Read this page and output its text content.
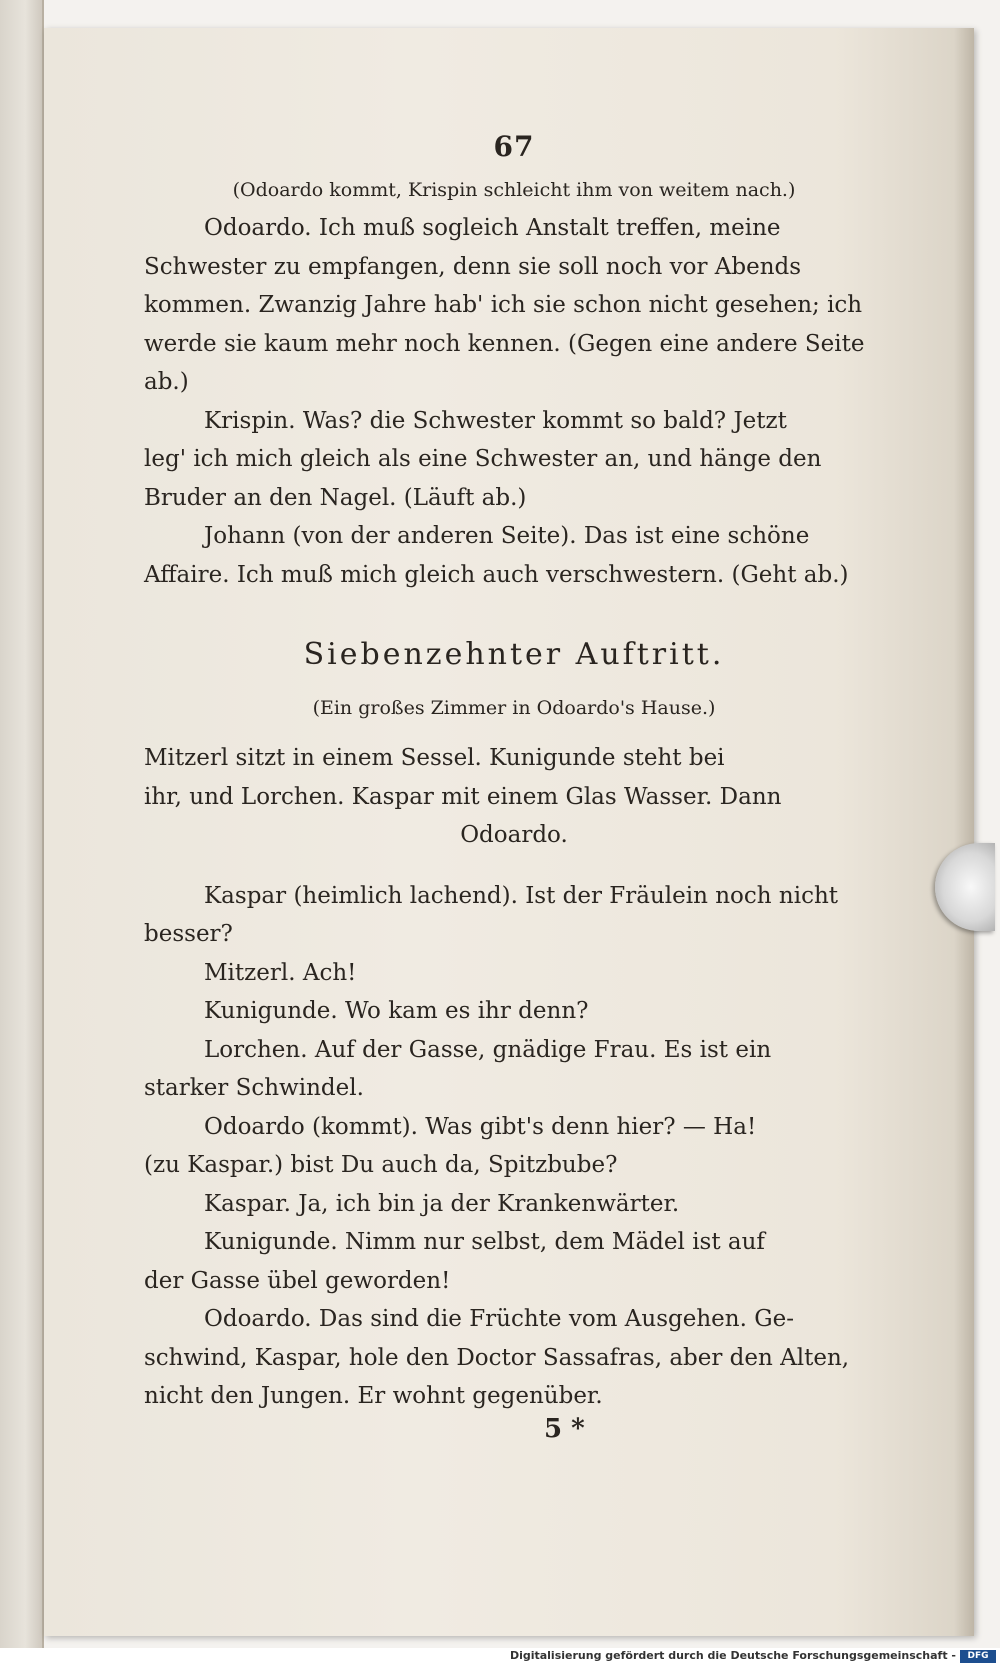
67

(Odoardo kommt, Krispin schleicht ihm von weitem nach.)

Odoardo. Ich muß sogleich Anstalt treffen, meine

Schwester zu empfangen, denn sie soll noch vor Abends

kommen. Zwanzig Jahre hab' ich sie schon nicht gesehen; ich

werde sie kaum mehr noch kennen. (Gegen eine andere Seite ab.)

Krispin. Was? die Schwester kommt so bald? Jetzt

leg' ich mich gleich als eine Schwester an, und hänge den

Bruder an den Nagel. (Läuft ab.)

Johann (von der anderen Seite). Das ist eine schöne

Affaire. Ich muß mich gleich auch verschwestern. (Geht ab.)

Siebenzehnter Auftritt.

(Ein großes Zimmer in Odoardo's Hause.)

Mitzerl sitzt in einem Sessel. Kunigunde steht bei

ihr, und Lorchen. Kaspar mit einem Glas Wasser. Dann

Odoardo.

Kaspar (heimlich lachend). Ist der Fräulein noch nicht

besser?

Mitzerl. Ach!

Kunigunde. Wo kam es ihr denn?

Lorchen. Auf der Gasse, gnädige Frau. Es ist ein

starker Schwindel.

Odoardo (kommt). Was gibt's denn hier? — Ha!

(zu Kaspar.) bist Du auch da, Spitzbube?

Kaspar. Ja, ich bin ja der Krankenwärter.

Kunigunde. Nimm nur selbst, dem Mädel ist auf

der Gasse übel geworden!

Odoardo. Das sind die Früchte vom Ausgehen. Ge-

schwind, Kaspar, hole den Doctor Sassafras, aber den Alten,

nicht den Jungen. Er wohnt gegenüber.

5 *
Digitalisierung gefördert durch die Deutsche Forschungsgemeinschaft -	DFG
